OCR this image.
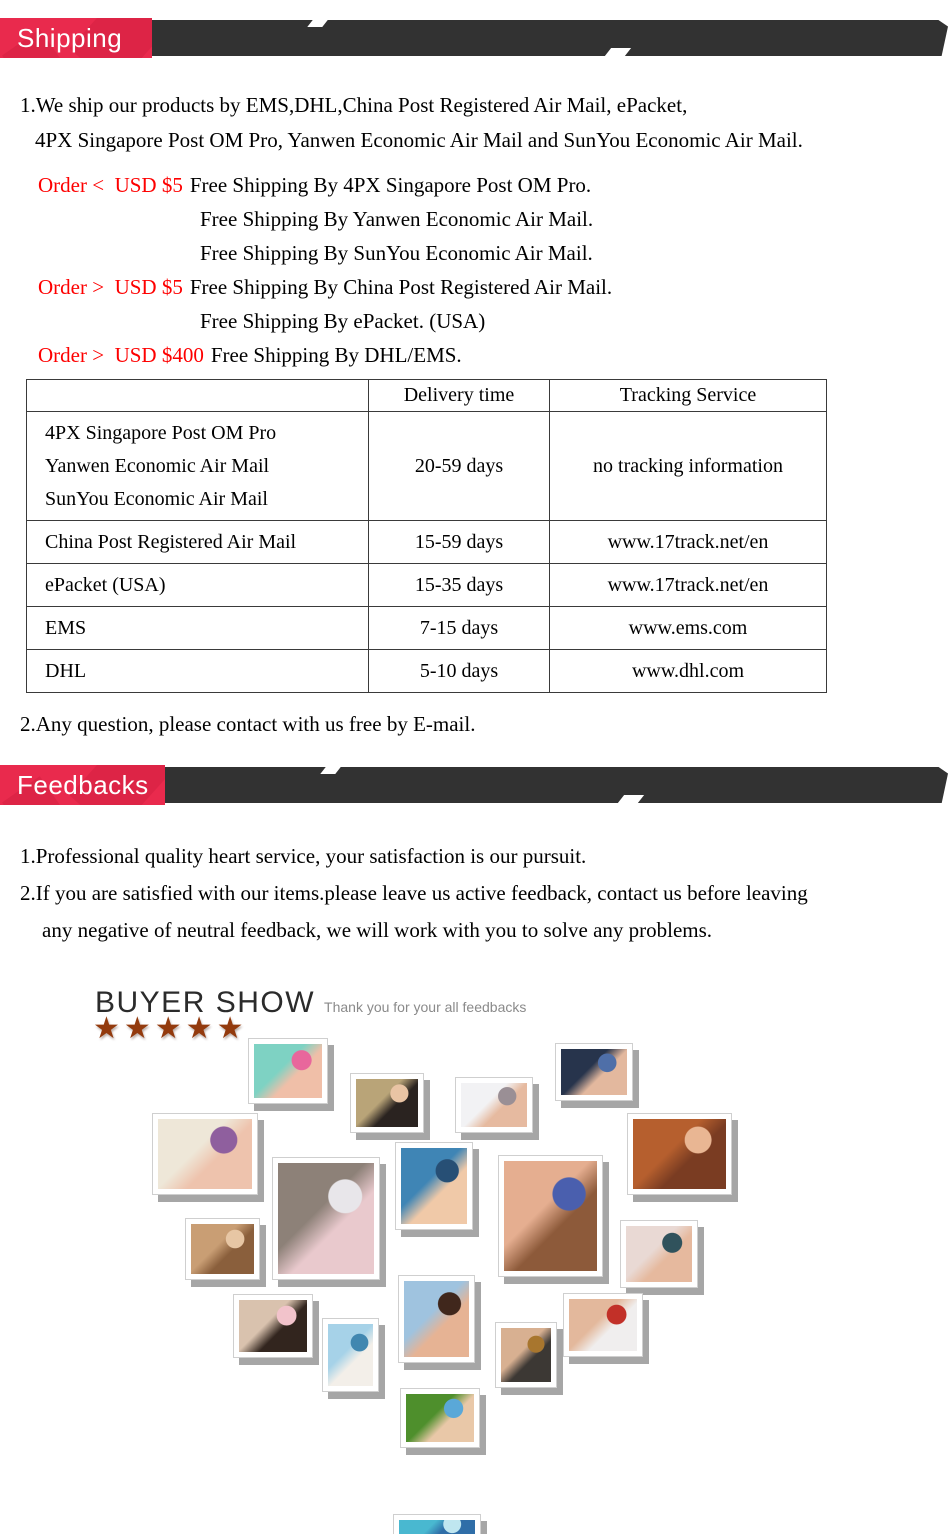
Shipping
1.We ship our products by EMS,DHL,China Post Registered Air Mail, ePacket,
4PX Singapore Post OM Pro, Yanwen Economic Air Mail and SunYou Economic Air Mail.
Order <  USD $5 Free Shipping By 4PX Singapore Post OM Pro.
Free Shipping By Yanwen Economic Air Mail.
Free Shipping By SunYou Economic Air Mail.
Order >  USD $5 Free Shipping By China Post Registered Air Mail.
Free Shipping By ePacket. (USA)
Order >  USD $400 Free Shipping By DHL/EMS.
	Delivery time	Tracking Service

4PX Singapore Post OM Pro
Yanwen Economic Air Mail
SunYou Economic Air Mail	20-59 days	no tracking information
China Post Registered Air Mail	15-59 days	www.17track.net/en
ePacket (USA)	15-35 days	www.17track.net/en
EMS	7-15 days	www.ems.com
DHL	5-10 days	www.dhl.com
2.Any question, please contact with us free by E-mail.
Feedbacks
1.Professional quality heart service, your satisfaction is our pursuit.
2.If you are satisfied with our items.please leave us active feedback, contact us before leaving
any negative of neutral feedback, we will work with you to solve any problems.
BUYER SHOW Thank you for your all feedbacks
★★★★★
